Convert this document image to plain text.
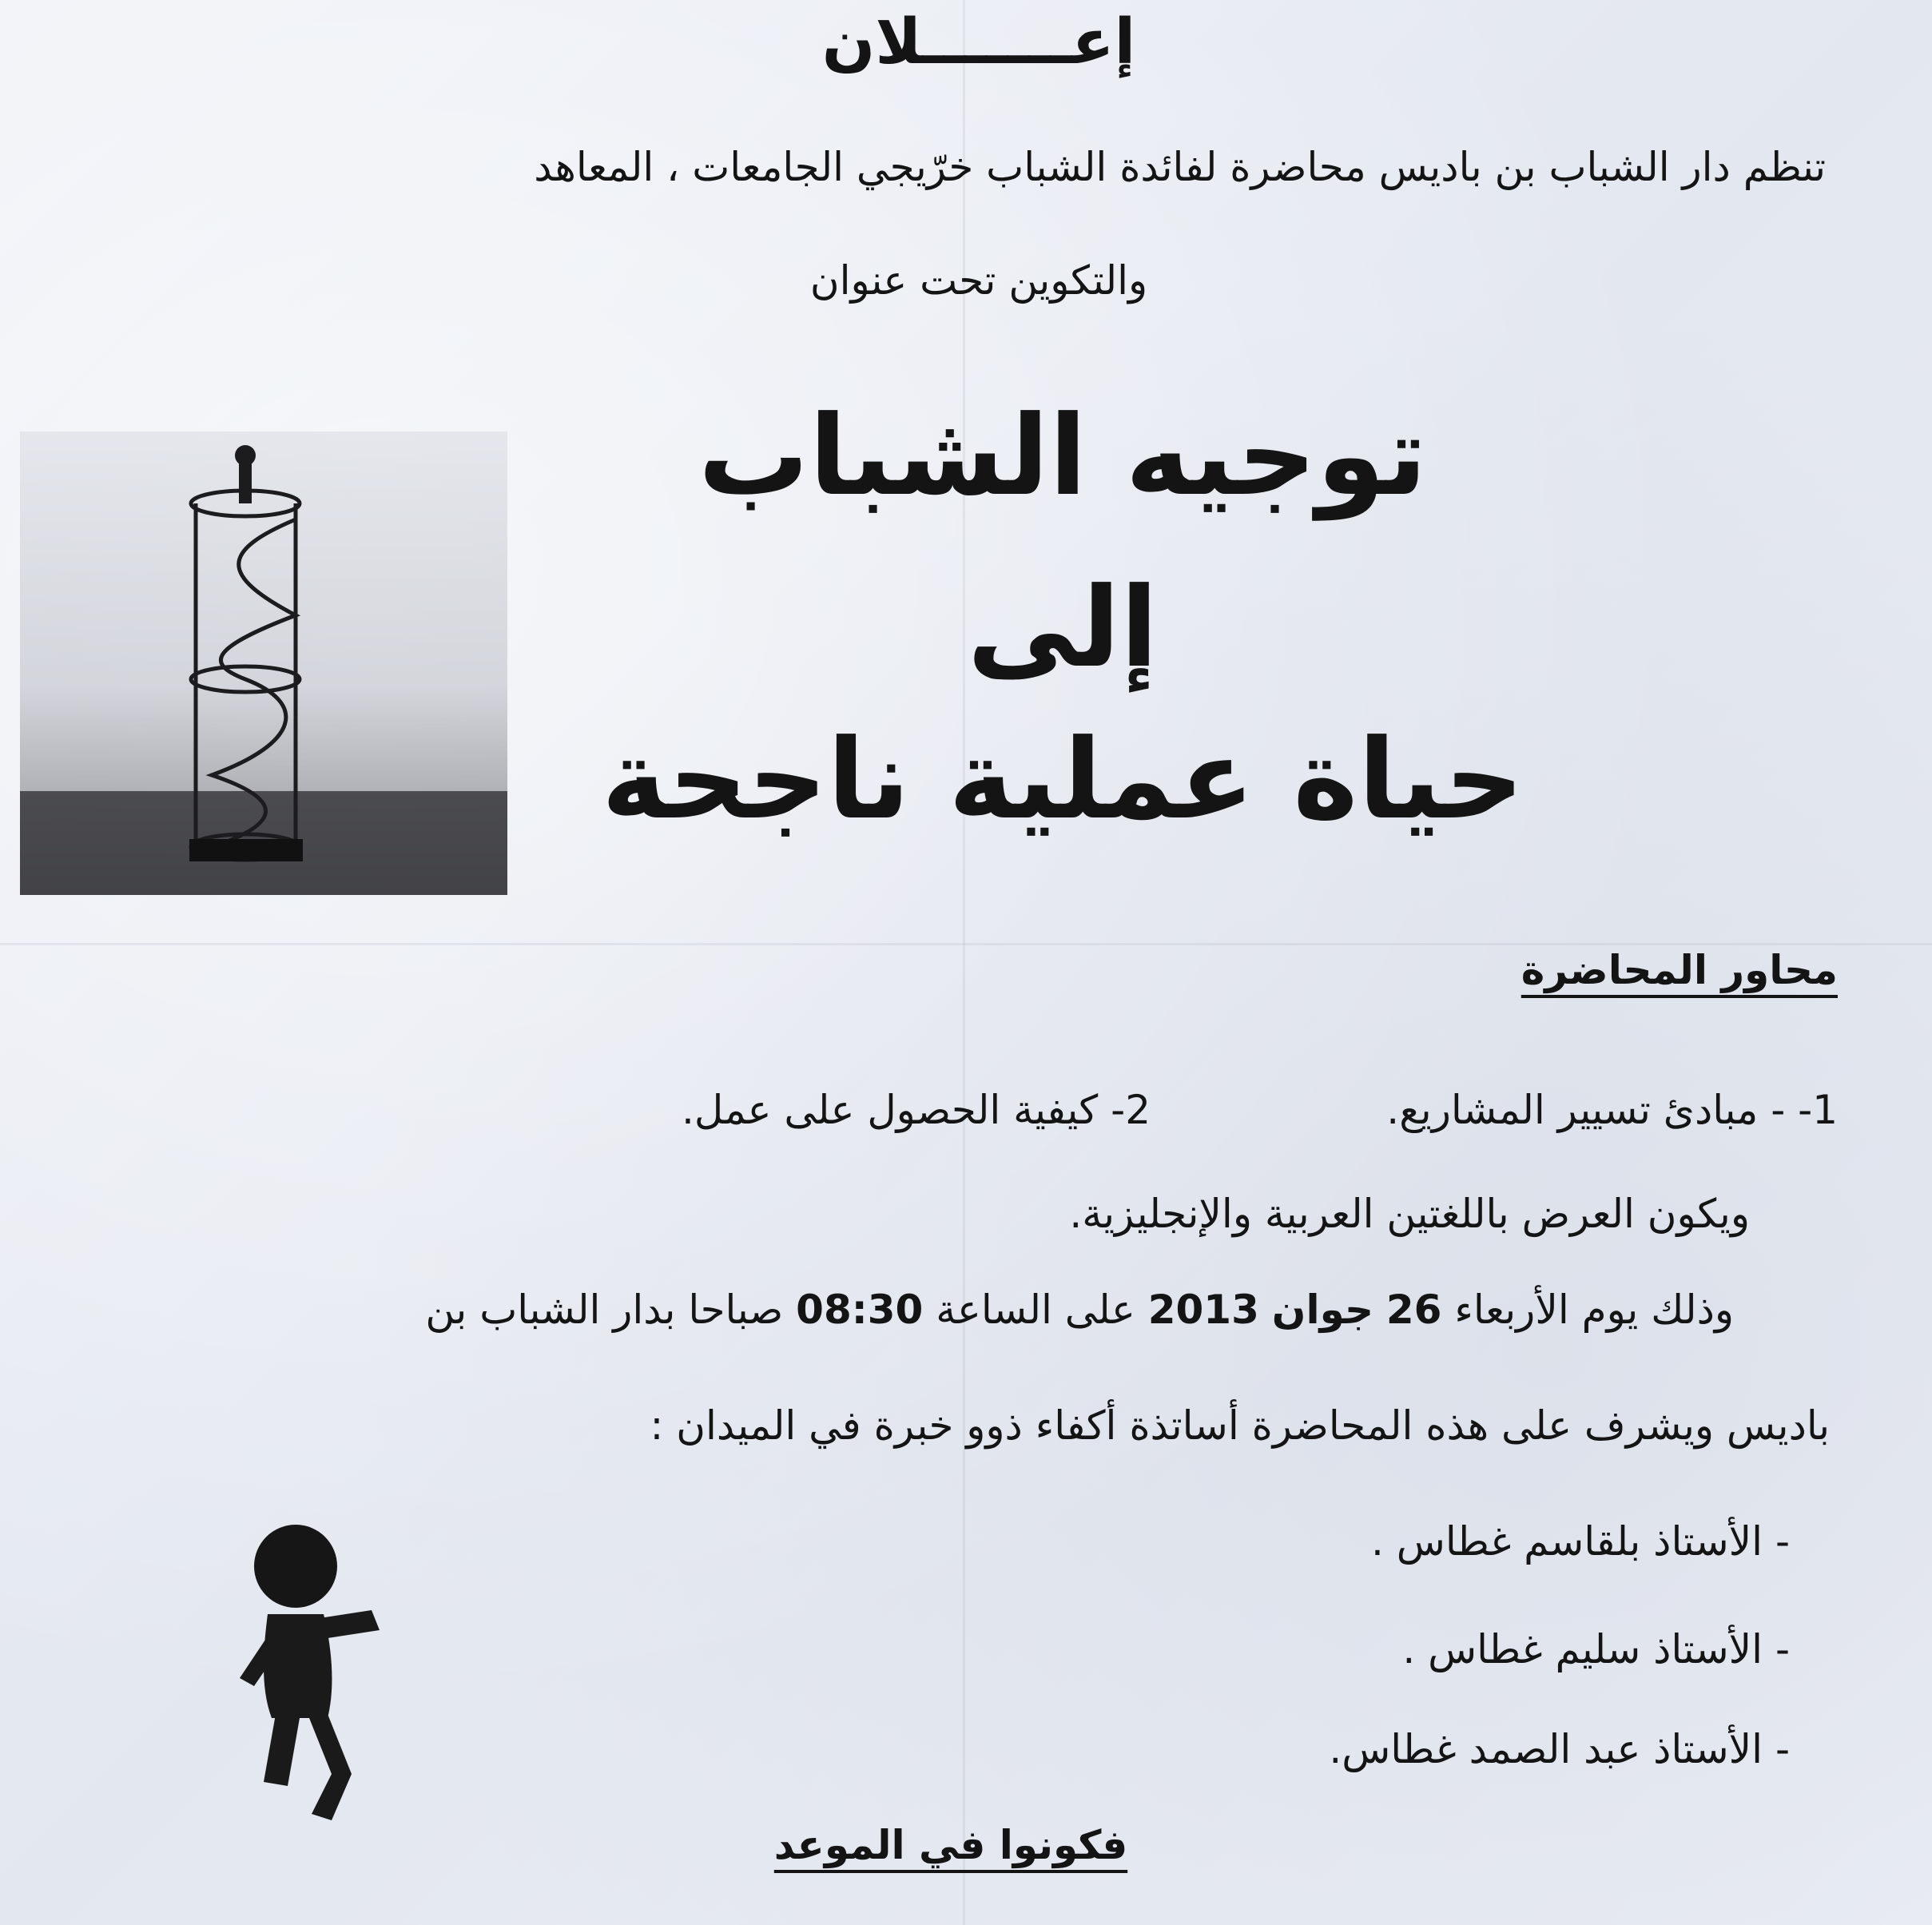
إعـــــــلان
تنظم دار الشباب بن باديس محاضرة لفائدة الشباب خرّيجي الجامعات ، المعاهد
والتكوين تحت عنوان
توجيه الشباب
إلى
حياة عملية ناجحة
محاور المحاضرة
1- - مبادئ تسيير المشاريع.
2- كيفية الحصول على عمل.
ويكون العرض باللغتين العربية والإنجليزية.
وذلك يوم الأربعاء 26 جوان 2013 على الساعة 08:30 صباحا بدار الشباب بن
باديس ويشرف على هذه المحاضرة أساتذة أكفاء ذوو خبرة في الميدان :
- الأستاذ بلقاسم غطاس .
- الأستاذ سليم غطاس .
- الأستاذ عبد الصمد غطاس.
فكونوا في الموعد
